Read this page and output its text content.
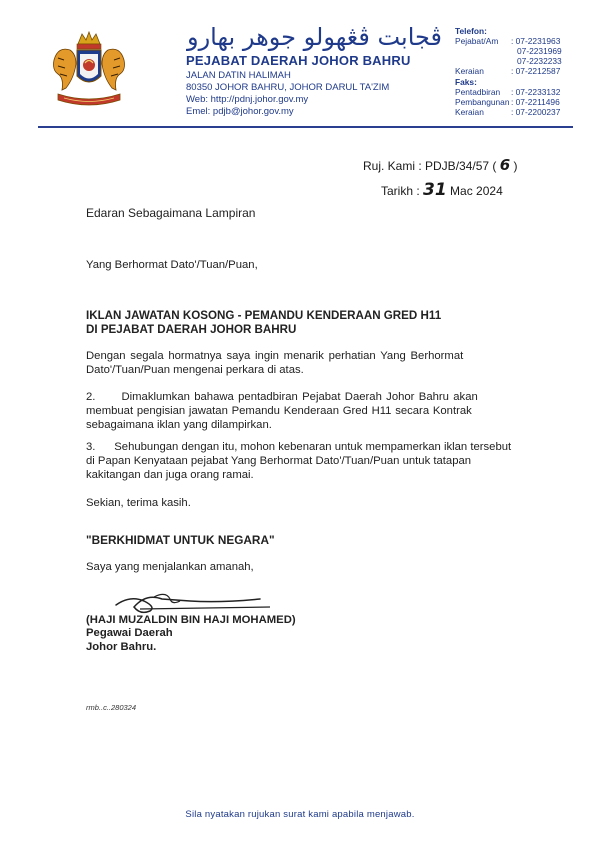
ڤجابت ڤڠهولو جوهر بهارو
PEJABAT DAERAH JOHOR BAHRU
JALAN DATIN HALIMAH
80350 JOHOR BAHRU, JOHOR DARUL TA'ZIM
Web: http://pdnj.johor.gov.my
Emel: pdjb@johor.gov.my
Telefon:
Pejabat/Am : 07-2231963
07-2231969
07-2232233
Keraian	: 07-2212587
Faks:
Pentadbiran : 07-2233132
Pembangunan : 07-2211496
Keraian	: 07-2200237
Ruj. Kami : PDJB/34/57 ( 6 )
Tarikh : 31 Mac 2024
Edaran Sebagaimana Lampiran
Yang Berhormat Dato'/Tuan/Puan,
IKLAN JAWATAN KOSONG - PEMANDU KENDERAAN GRED H11
DI PEJABAT DAERAH JOHOR BAHRU
Dengan segala hormatnya saya ingin menarik perhatian Yang Berhormat
Dato'/Tuan/Puan mengenai perkara di atas.
2.      Dimaklumkan bahawa pentadbiran Pejabat Daerah Johor Bahru akan
membuat pengisian jawatan Pemandu Kenderaan Gred H11 secara Kontrak
sebagaimana iklan yang dilampirkan.
3.      Sehubungan dengan itu, mohon kebenaran untuk mempamerkan iklan tersebut
di Papan Kenyataan pejabat Yang Berhormat Dato'/Tuan/Puan untuk tatapan
kakitangan dan juga orang ramai.
Sekian, terima kasih.
"BERKHIDMAT UNTUK NEGARA"
Saya yang menjalankan amanah,
(HAJI MUZALDIN BIN HAJI MOHAMED)
Pegawai Daerah
Johor Bahru.
rmb..c..280324
Sila nyatakan rujukan surat kami apabila menjawab.
